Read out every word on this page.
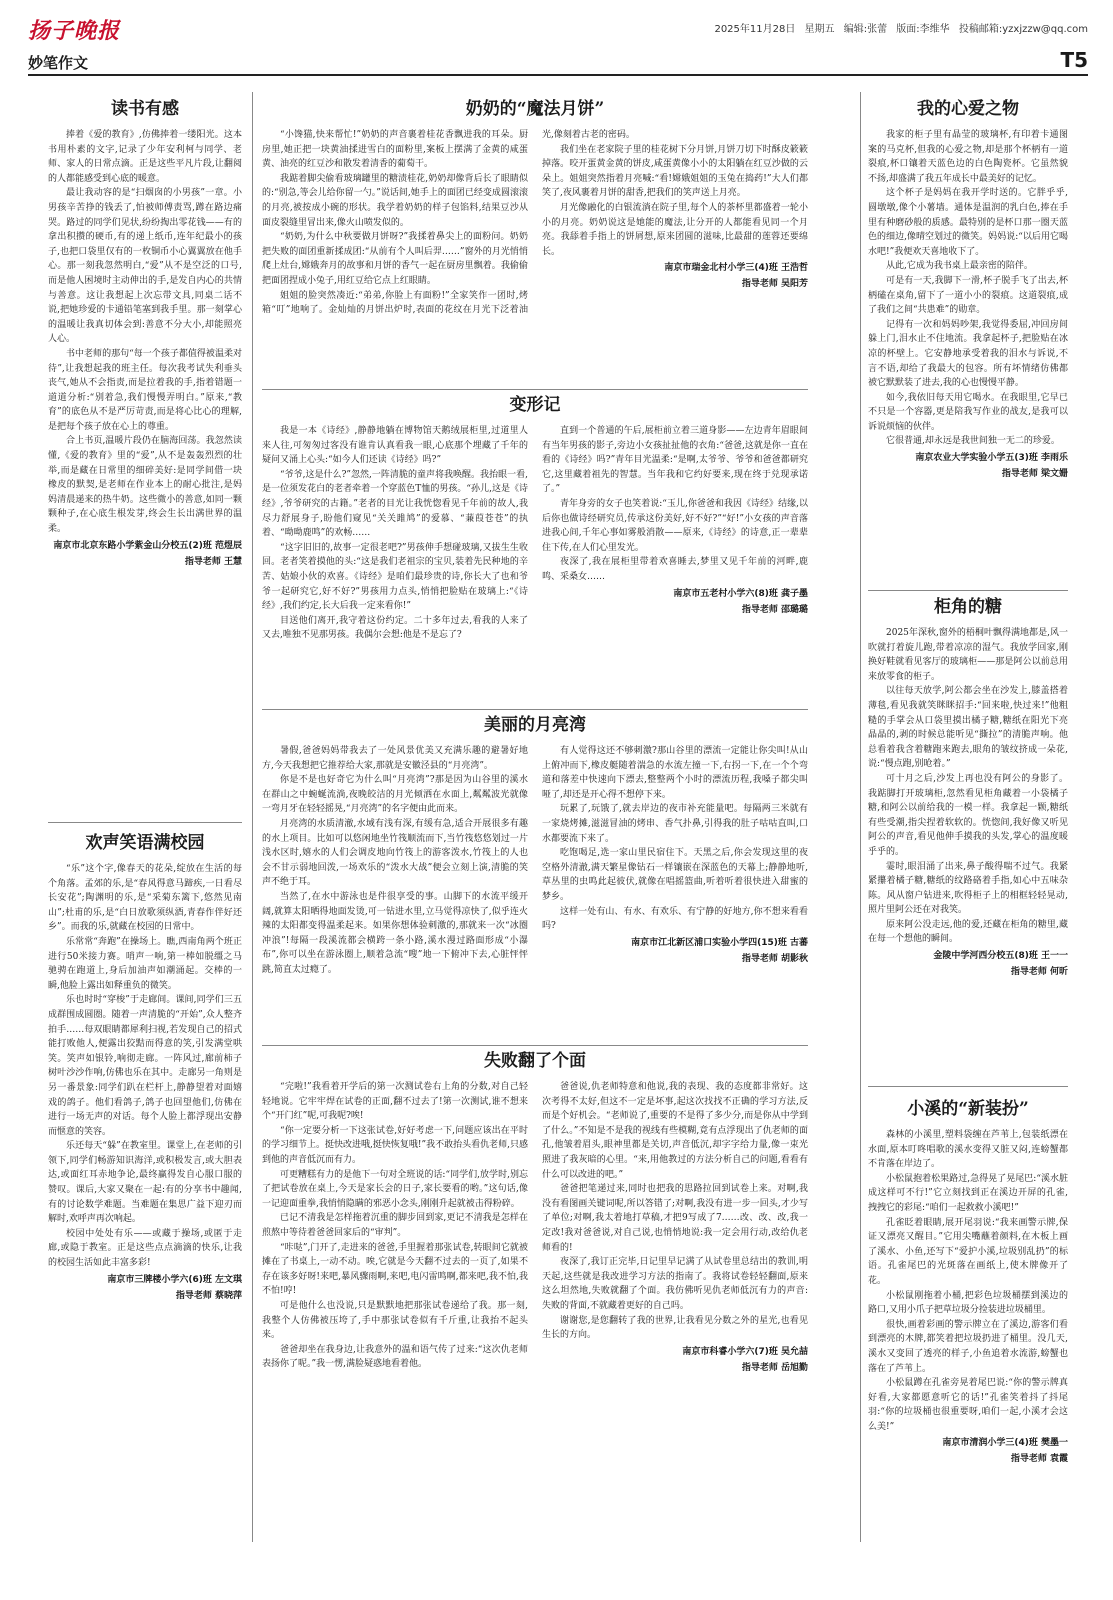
扬子晚报	2025年11月28日 星期五 编辑:张蕾 版面:李维华 投稿邮箱:yzxjzzw@qq.com
妙笔作文	T5
读书有感

捧着《爱的教育》,仿佛捧着一缕阳光。这本书用朴素的文字,记录了少年安利柯与同学、老师、家人的日常点滴。正是这些平凡片段,让翻阅的人都能感受到心底的暖意。

最让我动容的是“扫烟囱的小男孩”一章。小男孩辛苦挣的钱丢了,怕被师傅责骂,蹲在路边痛哭。路过的同学们见状,纷纷掏出零花钱——有的拿出积攒的硬币,有的递上纸币,连年纪最小的孩子,也把口袋里仅有的一枚铜币小心翼翼放在他手心。那一刻我忽然明白,“爱”从不是空泛的口号,而是他人困境时主动伸出的手,是发自内心的共情与善意。这让我想起上次忘带文具,同桌二话不说,把她珍爱的卡通铅笔塞到我手里。那一刻掌心的温暖让我真切体会到:善意不分大小,却能照亮人心。

书中老师的那句“每一个孩子都值得被温柔对待”,让我想起我的班主任。每次我考试失利垂头丧气,她从不会指责,而是拉着我的手,指着错题一道道分析:“别着急,我们慢慢弄明白。”原来,“教育”的底色从不是严厉苛责,而是将心比心的理解,是把每个孩子放在心上的尊重。

合上书页,温暖片段仍在脑海回荡。我忽然读懂,《爱的教育》里的“爱”,从不是轰轰烈烈的壮举,而是藏在日常里的细碎美好:是同学间借一块橡皮的默契,是老师在作业本上的耐心批注,是妈妈清晨递来的热牛奶。这些微小的善意,如同一颗颗种子,在心底生根发芽,终会生长出满世界的温柔。

南京市北京东路小学紫金山分校五(2)班 范煜辰
指导老师 王慧
欢声笑语满校园

“乐”这个字,像春天的花朵,绽放在生活的每个角落。孟郊的乐,是“春风得意马蹄疾,一日看尽长安花”;陶渊明的乐,是“采菊东篱下,悠然见南山”;杜甫的乐,是“白日放歌须纵酒,青春作伴好还乡”。而我的乐,就藏在校园的日常中。

乐常常“奔跑”在操场上。瞧,西南角两个班正进行50米接力赛。哨声一响,第一棒如脱缰之马驰骋在跑道上,身后加油声如潮涌起。交棒的一瞬,他脸上露出如释重负的微笑。

乐也时时“穿梭”于走廊间。课间,同学们三五成群围成圆圈。随着一声清脆的“开始”,众人整齐拍手……每双眼睛都犀利扫视,若发现自己的招式能打败他人,便露出狡黠而得意的笑,引发满堂哄笑。笑声如银铃,响彻走廊。一阵风过,廊前柿子树叶沙沙作响,仿佛也乐在其中。走廊另一角则是另一番景象:同学们趴在栏杆上,静静望着对面嬉戏的鸽子。他们看鸽子,鸽子也回望他们,仿佛在进行一场无声的对话。每个人脸上都浮现出安静而惬意的笑容。

乐还每天“躲”在教室里。课堂上,在老师的引领下,同学们畅游知识海洋,或积极发言,或大胆表达,或面红耳赤地争论,最终赢得发自心服口服的赞叹。课后,大家又聚在一起:有的分享书中趣闻,有的讨论数学难题。当难题在集思广益下迎刃而解时,欢呼声再次响起。

校园中处处有乐——或藏于操场,或匿于走廊,或隐于教室。正是这些点点滴滴的快乐,让我的校园生活如此丰富多彩!

南京市三牌楼小学六(6)班 左文琪
指导老师 蔡晓萍
奶奶的“魔法月饼”

“小馋猫,快来帮忙!”奶奶的声音裹着桂花香飘进我的耳朵。厨房里,她正把一块黄油揉进雪白的面粉里,案板上摆满了金黄的咸蛋黄、油亮的红豆沙和散发着清香的葡萄干。

我踮着脚尖偷看玻璃罐里的糖渍桂花,奶奶却像背后长了眼睛似的:“别急,等会儿给你留一勺。”说话间,她手上的面团已经变成圆滚滚的月亮,被按成小碗的形状。我学着奶奶的样子包馅料,结果豆沙从面皮裂缝里冒出来,像火山喷发似的。

“奶奶,为什么中秋要做月饼呀?”我揉着鼻尖上的面粉问。奶奶把失败的面团重新揉成团:“从前有个人叫后羿……”窗外的月光悄悄爬上灶台,嫦娥奔月的故事和月饼的香气一起在厨房里飘着。我偷偷把面团捏成小兔子,用红豆给它点上红眼睛。

姐姐的脸突然凑近:“弟弟,你脸上有面粉!”全家笑作一团时,烤箱“叮”地响了。金灿灿的月饼出炉时,表面的花纹在月光下泛着油光,像刻着古老的密码。

我们坐在老家院子里的桂花树下分月饼,月饼刀切下时酥皮簌簌掉落。咬开蛋黄金黄的饼皮,咸蛋黄像小小的太阳躺在红豆沙做的云朵上。姐姐突然指着月亮喊:“看!嫦娥姐姐的玉兔在捣药!”大人们都笑了,夜风裹着月饼的甜香,把我们的笑声送上月亮。

月光像融化的白银流淌在院子里,每个人的茶杯里都盛着一轮小小的月亮。奶奶说这是她能的魔法,让分开的人都能看见同一个月亮。我舔着手指上的饼屑想,原来团圆的滋味,比最甜的莲蓉还要绵长。

南京市瑞金北村小学三(4)班 王浩哲
指导老师 吴阳芳
变形记

我是一本《诗经》,静静地躺在博物馆天鹅绒展柜里,过道里人来人往,可匆匆过客没有谁肯认真看我一眼,心底那个埋藏了千年的疑问又涌上心头:“如今人们还读《诗经》吗?”

“爷爷,这是什么?”忽然,一阵清脆的童声将我唤醒。我抬眼一看,是一位须发花白的老者牵着一个穿蓝色T恤的男孩。“孙儿,这是《诗经》,爷爷研究的古籍。”老者的目光让我恍惚看见千年前的故人,我尽力舒展身子,盼他们窥见“关关雎鸠”的爱慕、“蒹葭苍苍”的执着、“呦呦鹿鸣”的欢畅……

“这字旧旧的,故事一定很老吧?”男孩伸手想碰玻璃,又拔生生收回。老者笑着摸他的头:“这是我们老祖宗的宝贝,装着先民种地的辛苦、姑娘小伙的欢喜。《诗经》是咱们最珍贵的诗,你长大了也和爷爷一起研究它,好不好?”男孩用力点头,悄悄把脸贴在玻璃上:“《诗经》,我们约定,长大后我一定来看你!”

目送他们离开,我守着这份约定。二十多年过去,看我的人来了又去,唯独不见那男孩。我偶尔会想:他是不是忘了?

直到一个普通的午后,展柜前立着三道身影——左边青年眉眼间有当年男孩的影子,旁边小女孩扯扯他的衣角:“爸爸,这就是你一直在看的《诗经》吗?”青年目光温柔:“是啊,太爷爷、爷爷和爸爸都研究它,这里藏着祖先的智慧。当年我和它约好要来,现在终于兑现承诺了。”

青年身旁的女子也笑着说:“玉儿,你爸爸和我因《诗经》结缘,以后你也做诗经研究员,传承这份美好,好不好?”“好!”小女孩的声音落进我心间,千年心事如雾般消散——原来,《诗经》的诗意,正一辈辈住下传,在人们心里发光。

夜深了,我在展柜里带着欢喜睡去,梦里又见千年前的河畔,鹿鸣、采桑女……

南京市五老村小学六(8)班 龚子墨
指导老师 邵璐璐
美丽的月亮湾

暑假,爸爸妈妈带我去了一处风景优美又充满乐趣的避暑好地方,今天我想把它推荐给大家,那就是安徽泾县的“月亮湾”。

你是不是也好奇它为什么叫“月亮湾”?那是因为山谷里的溪水在群山之中蜿蜒流淌,夜晚皎洁的月光倾洒在水面上,粼粼波光就像一弯月牙在轻轻摇晃,“月亮湾”的名字便由此而来。

月亮湾的水质清澈,水域有浅有深,有缓有急,适合开展很多有趣的水上项目。比如可以悠闲地坐竹筏顺流而下,当竹筏悠悠划过一片浅水区时,嬉水的人们会调皮地向竹筏上的游客泼水,竹筏上的人也会不甘示弱地回泼,一场欢乐的“泼水大战”便会立刻上演,清脆的笑声不绝于耳。

当然了,在水中游泳也是件很享受的事。山脚下的水流平缓开阔,就算太阳晒得地面发烫,可一钻进水里,立马觉得凉快了,似乎连火辣的太阳都变得温柔起来。如果你想体验刺激的,那就来一次“冰圈冲浪”!每隔一段溪流都会横跨一条小路,溪水漫过路面形成“小瀑布”,你可以坐在游泳圈上,顺着急流“嗖”地一下俯冲下去,心脏怦怦跳,简直太过瘾了。

有人觉得这还不够刺激?那山谷里的漂流一定能让你尖叫!从山上俯冲而下,橡皮艇随着湍急的水流左撞一下,右拐一下,在一个个弯道和落差中快速向下漂去,整整两个小时的漂流历程,我嗓子都尖叫哑了,却还是开心得不想停下来。

玩累了,玩饿了,就去岸边的夜市补充能量吧。每隔两三米就有一家烧烤摊,滋滋冒油的烤串、香气扑鼻,引得我的肚子咕咕直叫,口水都要流下来了。

吃饱喝足,选一家山里民宿住下。天黑之后,你会发现这里的夜空格外清澈,满天繁星像钻石一样镶嵌在深蓝色的天幕上;静静地听,草丛里的虫鸣此起彼伏,就像在唱摇篮曲,听着听着很快进入甜蜜的梦乡。

这样一处有山、有水、有欢乐、有宁静的好地方,你不想来看看吗?

南京市江北新区浦口实验小学四(15)班 古蕃
指导老师 胡影秋
失败翻了个面

“完啦!”我看着开学后的第一次测试卷右上角的分数,对自己轻轻地说。它牢牢焊在试卷的正面,翻不过去了!第一次测试,谁不想来个“开门红”呢,可我呢?唉!

“你一定要分析一下这张试卷,好好考虑一下,问题应该出在平时的学习细节上。挺快改进哦,挺快恢复哦!”我不敢抬头看仇老师,只感到他的声音低沉而有力。

可更糟糕有力的是他下一句对全班说的话:“同学们,放学时,别忘了把试卷放在桌上,今天是家长会的日子,家长要看的哟。”这句话,像一记迎面重拳,我悄悄隐瞒的邪恶小念头,刚刚升起就被击得粉碎。

已记不清我是怎样拖着沉重的脚步回到家,更记不清我是怎样在煎熬中等待着爸爸回家后的“审判”。

“咔哒”,门开了,走进来的爸爸,手里握着那张试卷,转眼间它就被摊在了书桌上,一动不动。唉,它就是今天翻不过去的一页了,如果不存在该多好呀!来吧,暴风骤雨啊,来吧,电闪雷鸣啊,都来吧,我不怕,我不怕!哼!

可是他什么也没说,只是默默地把那张试卷递给了我。那一刻,我整个人仿佛被压垮了,手中那张试卷似有千斤重,让我抬不起头来。

爸爸却坐在我身边,让我意外的温和语气传了过来:“这次仇老师表扬你了呢。”我一愣,满脸疑惑地看着他。

爸爸说,仇老师特意和他说,我的表现、我的态度都非常好。这次考得不太好,但这不一定是坏事,起这次找找不正确的学习方法,反而是个好机会。“老师说了,重要的不是得了多少分,而是你从中学到了什么。”不知是不是我的视线有些模糊,竟有点浮现出了仇老师的面孔,他皱着眉头,眼神里都是关切,声音低沉,却字字给力量,像一束光照进了我灰暗的心里。“来,用他教过的方法分析自己的问题,看看有什么可以改进的吧。”

爸爸把笔递过来,同时也把我的思路拉回到试卷上来。对啊,我没有看图画关键词呢,所以答错了;对啊,我没有进一步一回头,才少写了单位;对啊,我太着地打草稿,才把9写成了7……改、改、改,我一定改!我对爸爸说,对自己说,也悄悄地说:我一定会用行动,改给仇老师看的!

夜深了,我订正完毕,日记里早记满了从试卷里总结出的教训,明天起,这些就是我改进学习方法的指南了。我将试卷轻轻翻面,原来这么坦然地,失败就翻了个面。我仿佛听见仇老师低沉有力的声音:失败的背面,不就藏着更好的自己吗。

谢谢您,是您翻转了我的世界,让我看见分数之外的星光,也看见生长的方向。

南京市科睿小学六(7)班 吴允喆
指导老师 岳旭勤
我的心爱之物

我家的柜子里有晶莹的玻璃杯,有印着卡通图案的马克杯,但我的心爱之物,却是那个杯柄有一道裂痕,杯口镶着天蓝色边的白色陶瓷杯。它虽然貌不扬,却盛满了我五年成长中最美好的记忆。

这个杯子是妈妈在我开学时送的。它胖乎乎,圆墩墩,像个小薯墙。通体是温润的乳白色,捧在手里有种磨砂般的质感。最特别的是杯口那一圈天蓝色的细边,像晴空划过的微笑。妈妈说:“以后用它喝水吧!”我便欢天喜地收下了。

从此,它成为我书桌上最亲密的陪伴。

可是有一天,我脚下一滑,杯子脱手飞了出去,杯柄磕在桌角,留下了一道小小的裂痕。这道裂痕,成了我们之间“共患难”的勋章。

记得有一次和妈妈吵架,我觉得委屈,冲回房间躲上门,泪水止不住地流。我拿起杯子,把脸贴在冰凉的杯壁上。它安静地承受着我的泪水与诉说,不言不语,却给了我最大的包容。所有坏情绪仿佛都被它默默装了进去,我的心也慢慢平静。

如今,我依旧每天用它喝水。在我眼里,它早已不只是一个容器,更是陪我写作业的战友,是我可以诉说烦恼的伙伴。

它很普通,却永远是我世间独一无二的珍爱。

南京农业大学实验小学五(3)班 李雨乐
指导老师 梁文姗
柜角的糖

2025年深秋,窗外的梧桐叶飘得满地都是,风一吹就打着旋儿跑,带着凉凉的湿气。我放学回家,刚换好鞋就看见客厅的玻璃柜——那是阿公以前总用来放零食的柜子。

以往每天放学,阿公都会坐在沙发上,膝盖搭着薄毯,看见我就笑眯眯招手:“回来啦,快过来!”他粗糙的手掌会从口袋里摸出橘子糖,糖纸在阳光下亮晶晶的,剥的时候总能听见“撕拉”的清脆声响。他总看着我含着糖跑来跑去,眼角的皱纹挤成一朵花,说:“慢点跑,别呛着。”

可十月之后,沙发上再也没有阿公的身影了。我踮脚打开玻璃柜,忽然看见柜角藏着一小袋橘子糖,和阿公以前给我的一模一样。我拿起一颗,糖纸有些受潮,指尖捏着软软的。恍惚间,我好像又听见阿公的声音,看见他伸手摸我的头发,掌心的温度暖乎乎的。

霎时,眼泪涌了出来,鼻子酸得喘不过气。我紧紧攥着橘子糖,糖纸的纹路硌着手指,如心中五味杂陈。风从窗户钻进来,吹得柜子上的相框轻轻晃动,照片里阿公还在对我笑。

原来阿公没走远,他的爱,还藏在柜角的糖里,藏在每一个想他的瞬间。

金陵中学河西分校五(8)班 王一一
指导老师 何昕
小溪的“新装扮”

森林的小溪里,塑料袋缠在芦苇上,包装纸漂在水面,原本叮咚唱歌的溪水变得又脏又闷,连螃蟹都不肯落在岸边了。

小松鼠抱着松果路过,急得晃了晃尾巴:“溪水脏成这样可不行!”它立刻找到正在溪边开屏的孔雀,拽拽它的彩尾:“咱们一起救救小溪吧!”

孔雀眨着眼睛,展开尾羽说:“我来画警示牌,保证又漂亮又醒目。”它用尖嘴蘸着颜料,在木板上画了溪水、小鱼,还写下“爱护小溪,垃圾别乱扔”的标语。孔雀尾巴的光斑落在画纸上,使木牌像开了花。

小松鼠刚拖着小桶,把彩色垃圾桶摆到溪边的路口,又用小爪子把草垃圾分捡装进垃圾桶里。

很快,画着彩画的警示牌立在了溪边,游客们看到漂亮的木牌,都笑着把垃圾扔进了桶里。没几天,溪水又变回了透亮的样子,小鱼追着水流游,螃蟹也落在了芦苇上。

小松鼠蹲在孔雀旁晃着尾巴说:“你的警示牌真好看,大家都愿意听它的话!”孔雀笑着抖了抖尾羽:“你的垃圾桶也很重要呀,咱们一起,小溪才会这么美!”

南京市清润小学三(4)班 樊墨一
指导老师 袁霞
